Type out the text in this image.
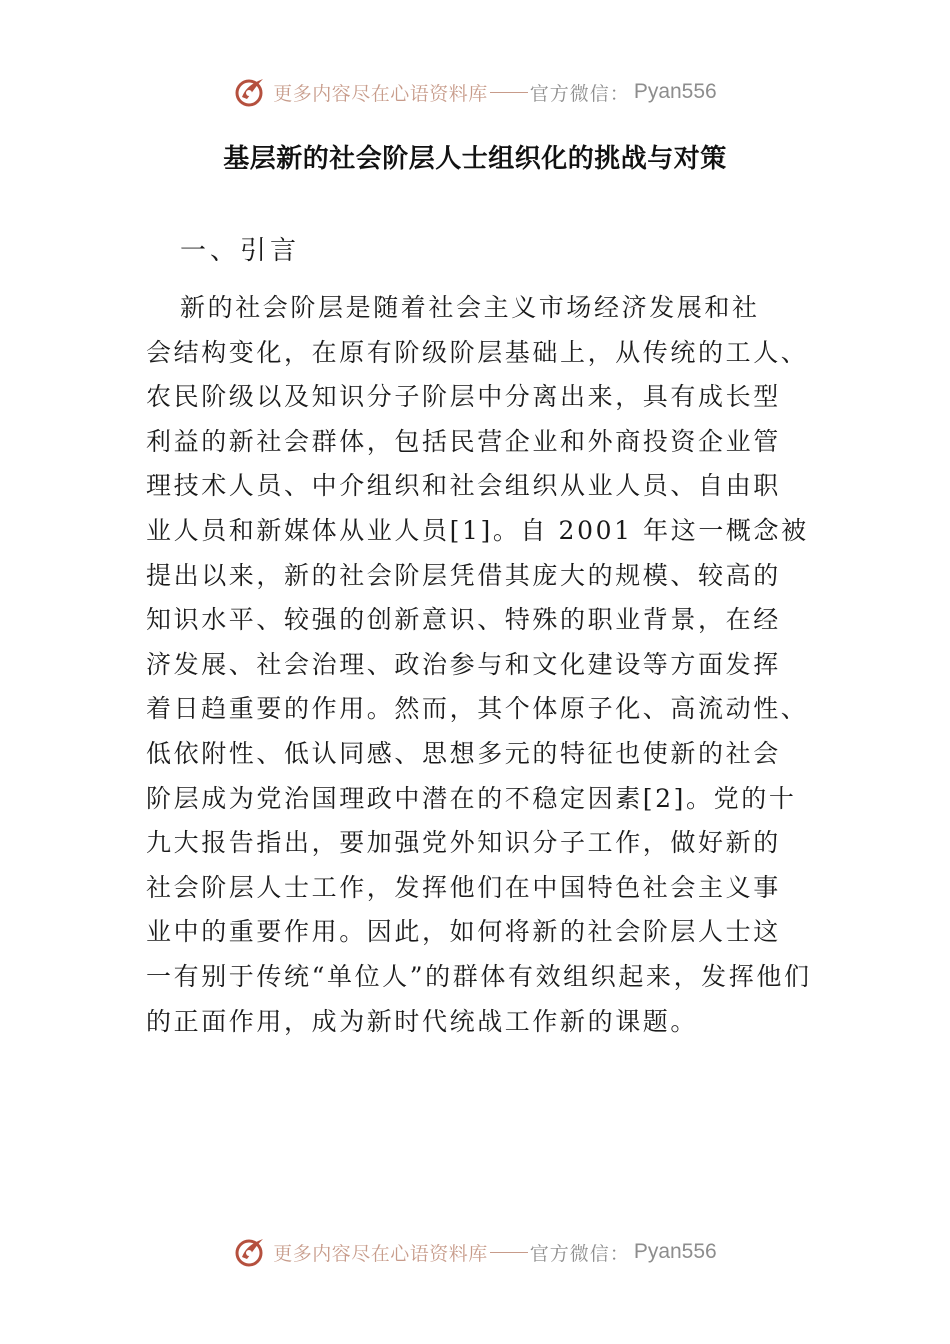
更多内容尽在心语资料库 官方微信： Pyan556
基层新的社会阶层人士组织化的挑战与对策
一、引言
新的社会阶层是随着社会主义市场经济发展和社
会结构变化，在原有阶级阶层基础上，从传统的工人、
农民阶级以及知识分子阶层中分离出来，具有成长型
利益的新社会群体，包括民营企业和外商投资企业管
理技术人员、中介组织和社会组织从业人员、自由职
业人员和新媒体从业人员[1]。自 2001 年这一概念被
提出以来，新的社会阶层凭借其庞大的规模、较高的
知识水平、较强的创新意识、特殊的职业背景，在经
济发展、社会治理、政治参与和文化建设等方面发挥
着日趋重要的作用。然而，其个体原子化、高流动性、
低依附性、低认同感、思想多元的特征也使新的社会
阶层成为党治国理政中潜在的不稳定因素[2]。党的十
九大报告指出，要加强党外知识分子工作，做好新的
社会阶层人士工作，发挥他们在中国特色社会主义事
业中的重要作用。因此，如何将新的社会阶层人士这
一有别于传统“单位人”的群体有效组织起来，发挥他们
的正面作用，成为新时代统战工作新的课题。
更多内容尽在心语资料库 官方微信： Pyan556
